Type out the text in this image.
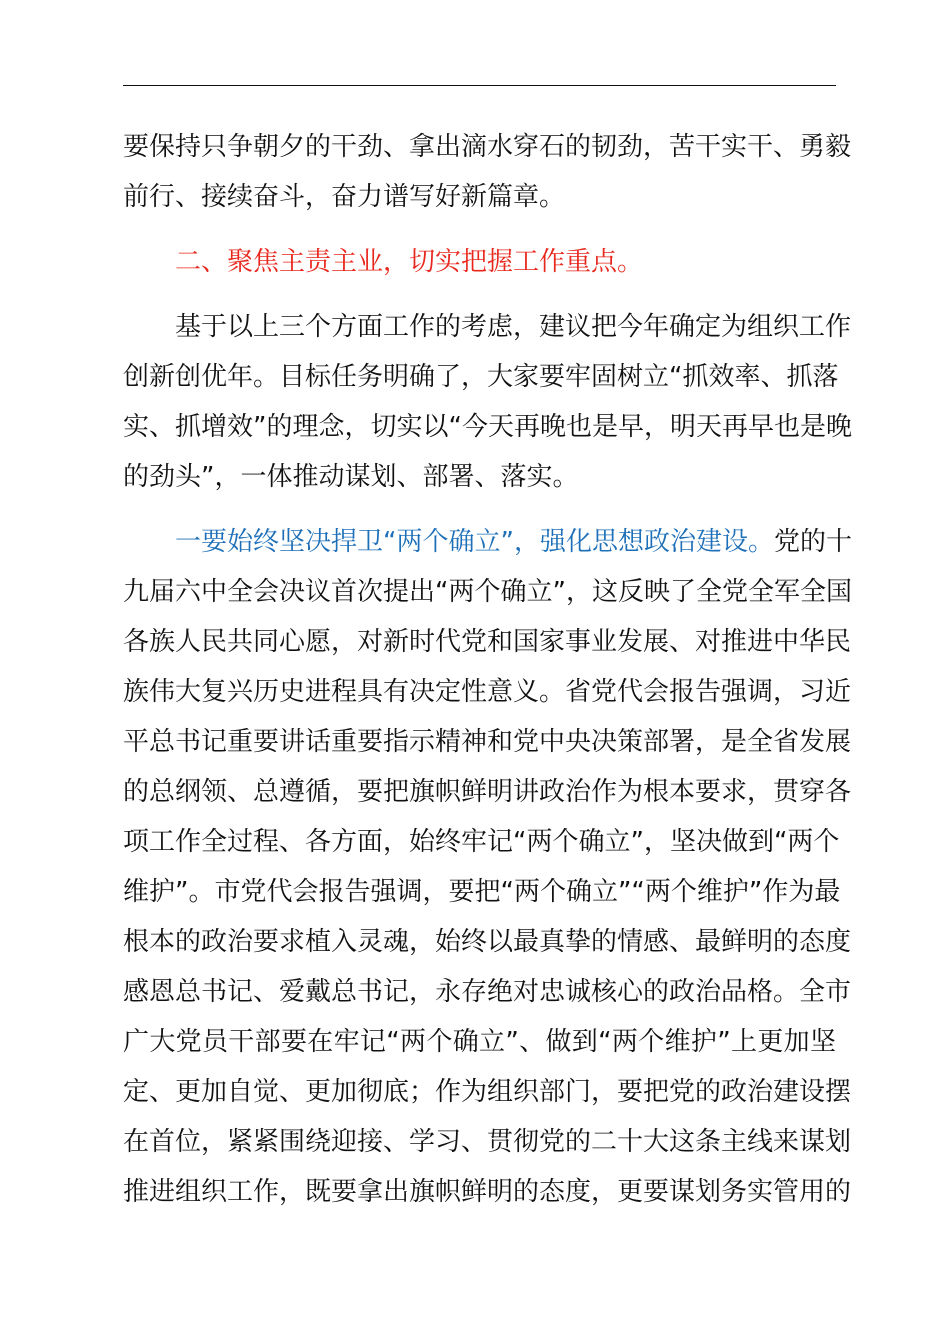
要保持只争朝夕的干劲、拿出滴水穿石的韧劲，苦干实干、勇毅
前行、接续奋斗，奋力谱写好新篇章。
二、聚焦主责主业，切实把握工作重点。
基于以上三个方面工作的考虑，建议把今年确定为组织工作
创新创优年。目标任务明确了，大家要牢固树立“抓效率、抓落
实、抓增效”的理念，切实以“今天再晚也是早，明天再早也是晚
的劲头”，一体推动谋划、部署、落实。
一要始终坚决捍卫“两个确立”，强化思想政治建设。党的十
九届六中全会决议首次提出“两个确立”，这反映了全党全军全国
各族人民共同心愿，对新时代党和国家事业发展、对推进中华民
族伟大复兴历史进程具有决定性意义。省党代会报告强调，习近
平总书记重要讲话重要指示精神和党中央决策部署，是全省发展
的总纲领、总遵循，要把旗帜鲜明讲政治作为根本要求，贯穿各
项工作全过程、各方面，始终牢记“两个确立”，坚决做到“两个
维护”。市党代会报告强调，要把“两个确立”“两个维护”作为最
根本的政治要求植入灵魂，始终以最真挚的情感、最鲜明的态度
感恩总书记、爱戴总书记，永存绝对忠诚核心的政治品格。全市
广大党员干部要在牢记“两个确立”、做到“两个维护”上更加坚
定、更加自觉、更加彻底；作为组织部门，要把党的政治建设摆
在首位，紧紧围绕迎接、学习、贯彻党的二十大这条主线来谋划
推进组织工作，既要拿出旗帜鲜明的态度，更要谋划务实管用的
